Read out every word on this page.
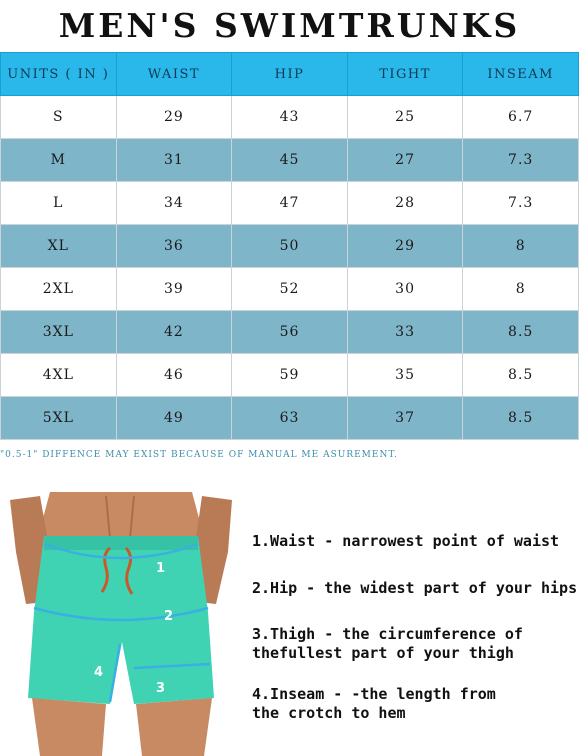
MEN'S SWIMTRUNKS
UNITS ( IN )	WAIST	HIP	TIGHT	INSEAM
S	29	43	25	6.7
M	31	45	27	7.3
L	34	47	28	7.3
XL	36	50	29	8
2XL	39	52	30	8
3XL	42	56	33	8.5
4XL	46	59	35	8.5
5XL	49	63	37	8.5
"0.5-1" DIFFENCE MAY EXIST BECAUSE OF MANUAL ME ASUREMENT.
1
2
3
4
1.Waist - narrowest point of waist
2.Hip - the widest part of your hips
3.Thigh - the circumference of
thefullest part of your thigh
4.Inseam - -the length from
the crotch to hem
